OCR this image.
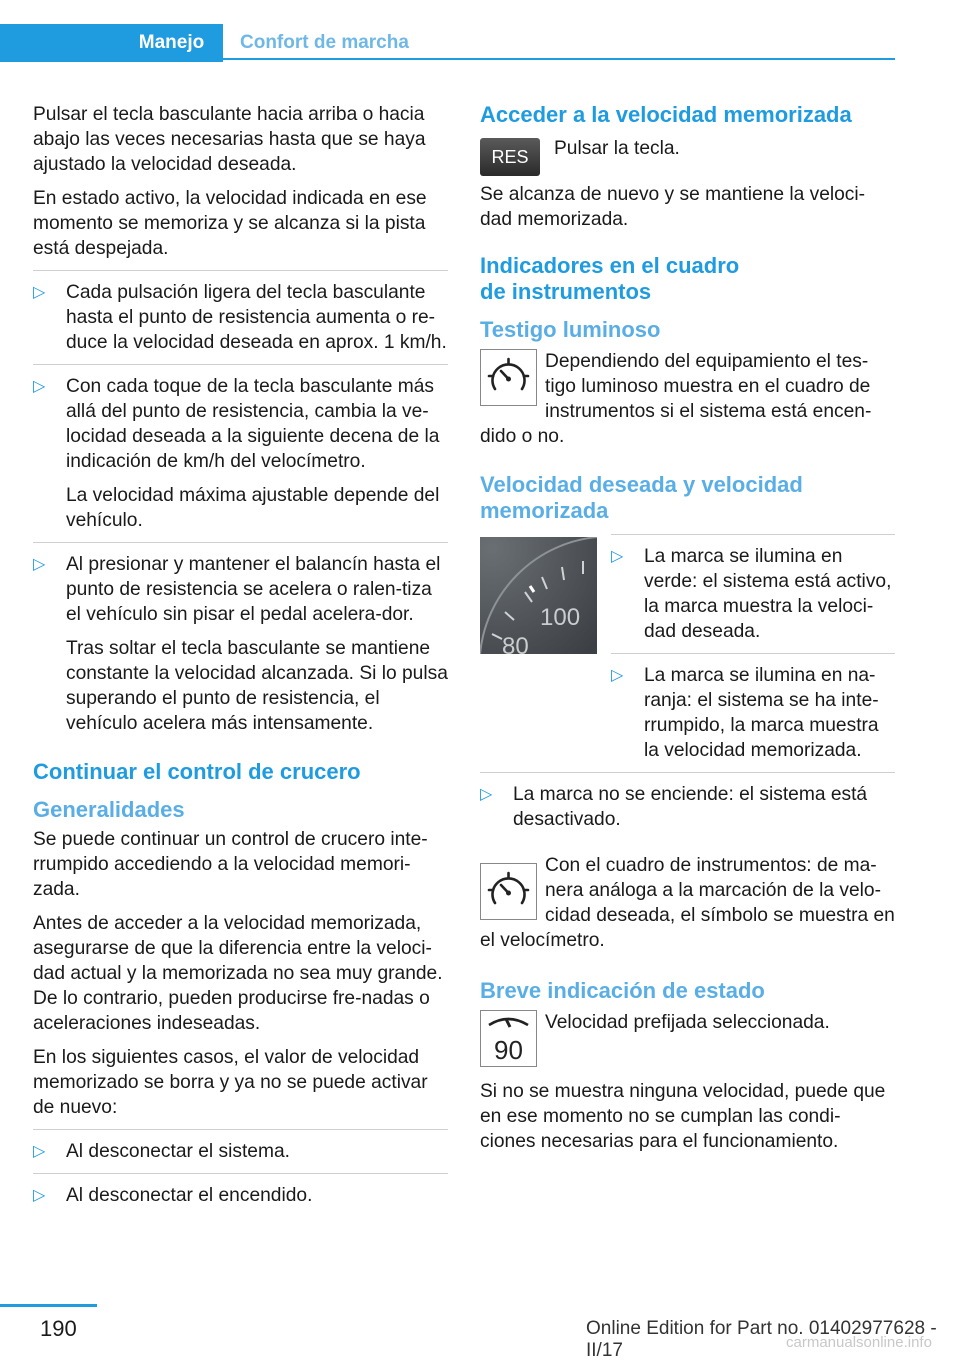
Manejo	Confort de marcha

Pulsar el tecla basculante hacia arriba o hacia abajo las veces necesarias hasta que se haya ajustado la velocidad deseada.

En estado activo, la velocidad indicada en ese momento se memoriza y se alcanza si la pista está despejada.

▷ Cada pulsación ligera del tecla basculante hasta el punto de resistencia aumenta o re‐duce la velocidad deseada en aprox. 1 km/h.
▷ Con cada toque de la tecla basculante más allá del punto de resistencia, cambia la ve‐locidad deseada a la siguiente decena de la indicación de km/h del velocímetro.
La velocidad máxima ajustable depende del vehículo.
▷ Al presionar y mantener el balancín hasta el punto de resistencia se acelera o ralen‐tiza el vehículo sin pisar el pedal acelera‐dor.
Tras soltar el tecla basculante se mantiene constante la velocidad alcanzada. Si lo pulsa superando el punto de resistencia, el vehículo acelera más intensamente.
Continuar el control de crucero
Generalidades

Se puede continuar un control de crucero inte‐rrumpido accediendo a la velocidad memori‐zada.

Antes de acceder a la velocidad memorizada, asegurarse de que la diferencia entre la veloci‐dad actual y la memorizada no sea muy grande. De lo contrario, pueden producirse fre‐nadas o aceleraciones indeseadas.

En los siguientes casos, el valor de velocidad memorizado se borra y ya no se puede activar de nuevo:

▷ Al desconectar el sistema.
▷ Al desconectar el encendido.
Acceder a la velocidad memorizada
RES	Pulsar la tecla.

Se alcanza de nuevo y se mantiene la veloci‐dad memorizada.

Indicadores en el cuadro de instrumentos
Testigo luminoso

Dependiendo del equipamiento el tes‐tigo luminoso muestra en el cuadro de instrumentos si el sistema está encen‐dido o no.

Velocidad deseada y velocidad memorizada
100
80
▷ La marca se ilumina en verde: el sistema está activo, la marca muestra la veloci‐dad deseada.
▷ La marca se ilumina en na‐ranja: el sistema se ha inte‐rrumpido, la marca muestra la velocidad memorizada.
▷ La marca no se enciende: el sistema está desactivado.

Con el cuadro de instrumentos: de ma‐nera análoga a la marcación de la velo‐cidad deseada, el símbolo se muestra en el velocímetro.

Breve indicación de estado
90

Velocidad prefijada seleccionada.

Si no se muestra ninguna velocidad, puede que en ese momento no se cumplan las condi‐ciones necesarias para el funcionamiento.

190	Online Edition for Part no. 01402977628 - II/17	carmanualsonline.info
